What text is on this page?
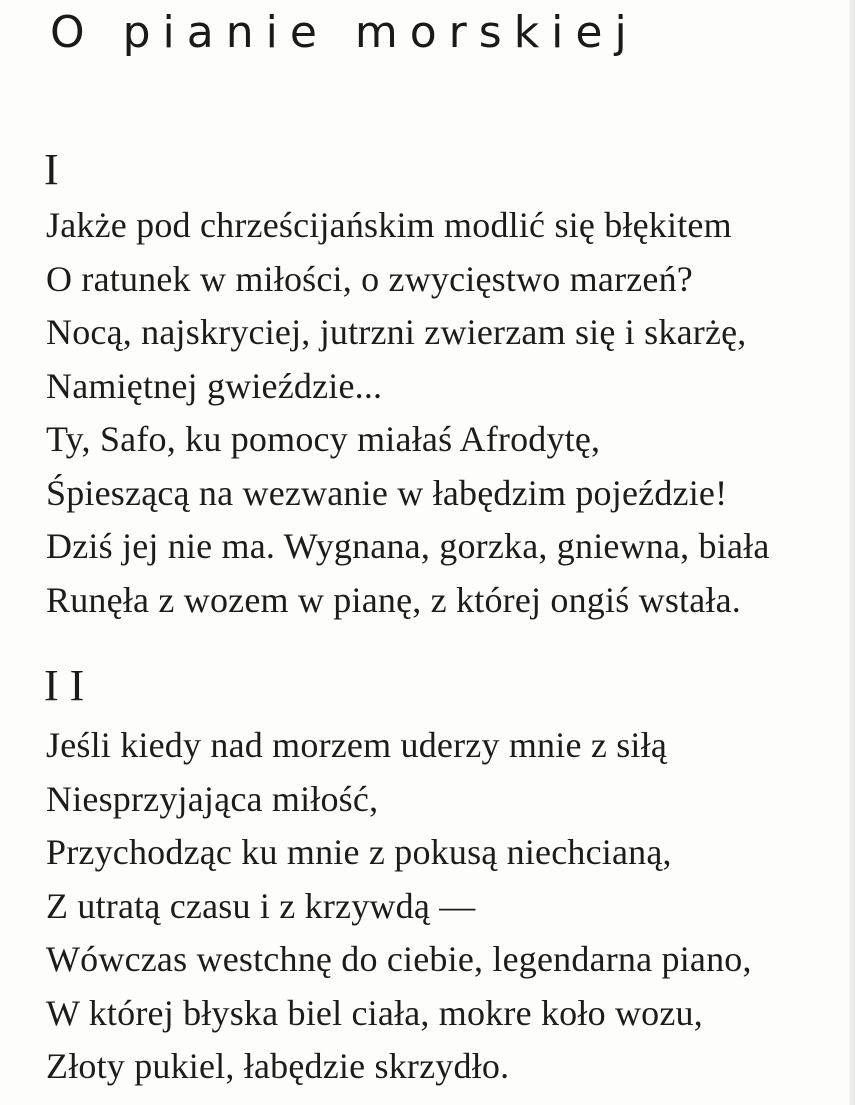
O pianie morskiej
I
Jakże pod chrześcijańskim modlić się błękitem
O ratunek w miłości, o zwycięstwo marzeń?
Nocą, najskryciej, jutrzni zwierzam się i skarżę,
Namiętnej gwieździe...
Ty, Safo, ku pomocy miałaś Afrodytę,
Śpieszącą na wezwanie w łabędzim pojeździe!
Dziś jej nie ma. Wygnana, gorzka, gniewna, biała
Runęła z wozem w pianę, z której ongiś wstała.
I I
Jeśli kiedy nad morzem uderzy mnie z siłą
Niesprzyjająca miłość,
Przychodząc ku mnie z pokusą niechcianą,
Z utratą czasu i z krzywdą —
Wówczas westchnę do ciebie, legendarna piano,
W której błyska biel ciała, mokre koło wozu,
Złoty pukiel, łabędzie skrzydło.
